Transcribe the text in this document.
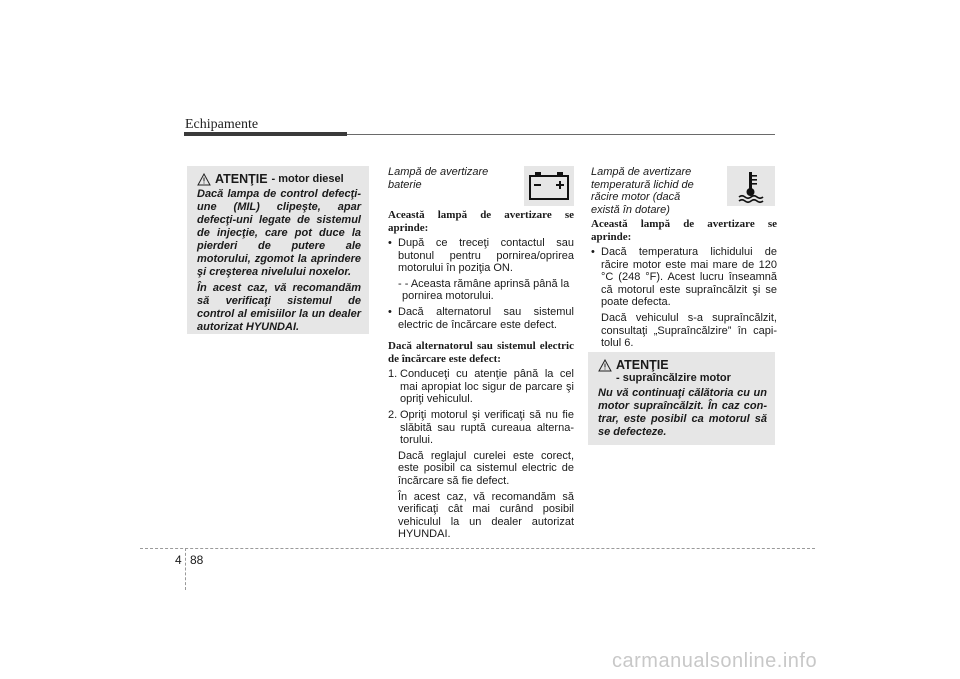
Echipamente
ATENŢIE - motor diesel

Dacă lampa de control defecţi-une (MIL) clipeşte, apar defecţi-uni legate de sistemul de injecţie, care pot duce la pierderi de putere ale motorului, zgomot la aprindere şi creşterea nivelului noxelor.

În acest caz, vă recomandăm să verificaţi sistemul de control al emisiilor la un dealer autorizat HYUNDAI.

Lampă de avertizare baterie

Această lampă de avertizare se aprinde:

• După ce treceţi contactul sau butonul pentru pornirea/oprirea motorului în poziţia ON.

- - Aceasta rămâne aprinsă până la pornirea motorului.

• Dacă alternatorul sau sistemul electric de încărcare este defect.

Dacă alternatorul sau sistemul electric de încărcare este defect:

1. Conduceţi cu atenţie până la cel mai apropiat loc sigur de parcare şi opriţi vehiculul.

2. Opriţi motorul şi verificaţi să nu fie slăbită sau ruptă cureaua alterna-torului.

Dacă reglajul curelei este corect, este posibil ca sistemul electric de încărcare să fie defect.

În acest caz, vă recomandăm să verificaţi cât mai curând posibil vehiculul la un dealer autorizat HYUNDAI.

Lampă de avertizare temperatură lichid de răcire motor (dacă există în dotare)

Această lampă de avertizare se aprinde:

• Dacă temperatura lichidului de răcire motor este mai mare de 120 °C (248 °F). Acest lucru înseamnă că motorul este supraîncălzit şi se poate defecta.

Dacă vehiculul s-a supraîncălzit, consultaţi „Supraîncălzire” în capi-tolul 6.

ATENŢIE
- supraîncălzire motor

Nu vă continuaţi călătoria cu un motor supraîncălzit. În caz con-trar, este posibil ca motorul să se defecteze.

4 88
carmanualsonline.info
